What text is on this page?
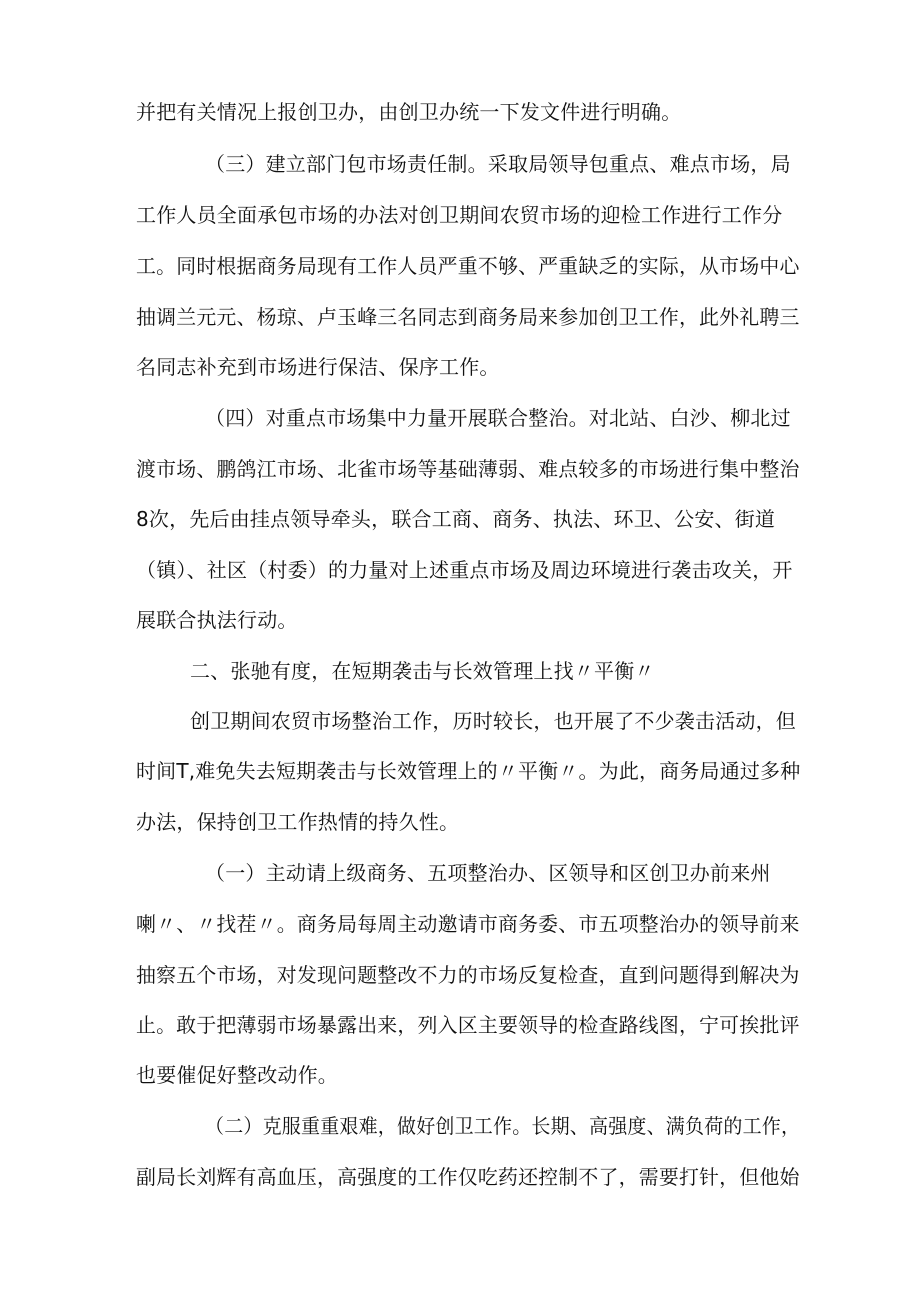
并把有关情况上报创卫办，由创卫办统一下发文件进行明确。
（三）建立部门包市场责任制。采取局领导包重点、难点市场，局
工作人员全面承包市场的办法对创卫期间农贸市场的迎检工作进行工作分
工。同时根据商务局现有工作人员严重不够、严重缺乏的实际，从市场中心
抽调兰元元、杨琼、卢玉峰三名同志到商务局来参加创卫工作，此外礼聘三
名同志补充到市场进行保洁、保序工作。
（四）对重点市场集中力量开展联合整治。对北站、白沙、柳北过
渡市场、鹏鸽江市场、北雀市场等基础薄弱、难点较多的市场进行集中整治
8次，先后由挂点领导牵头，联合工商、商务、执法、环卫、公安、街道
（镇）、社区（村委）的力量对上述重点市场及周边环境进行袭击攻关，开
展联合执法行动。
二、张驰有度，在短期袭击与长效管理上找〃平衡〃
创卫期间农贸市场整治工作，历时较长，也开展了不少袭击活动，但
时间T,难免失去短期袭击与长效管理上的〃平衡〃。为此，商务局通过多种
办法，保持创卫工作热情的持久性。
（一）主动请上级商务、五项整治办、区领导和区创卫办前来州
喇〃、〃找茬〃。商务局每周主动邀请市商务委、市五项整治办的领导前来
抽察五个市场，对发现问题整改不力的市场反复检查，直到问题得到解决为
止。敢于把薄弱市场暴露出来，列入区主要领导的检查路线图，宁可挨批评
也要催促好整改动作。
（二）克服重重艰难，做好创卫工作。长期、高强度、满负荷的工作，
副局长刘辉有高血压，高强度的工作仅吃药还控制不了，需要打针，但他始
